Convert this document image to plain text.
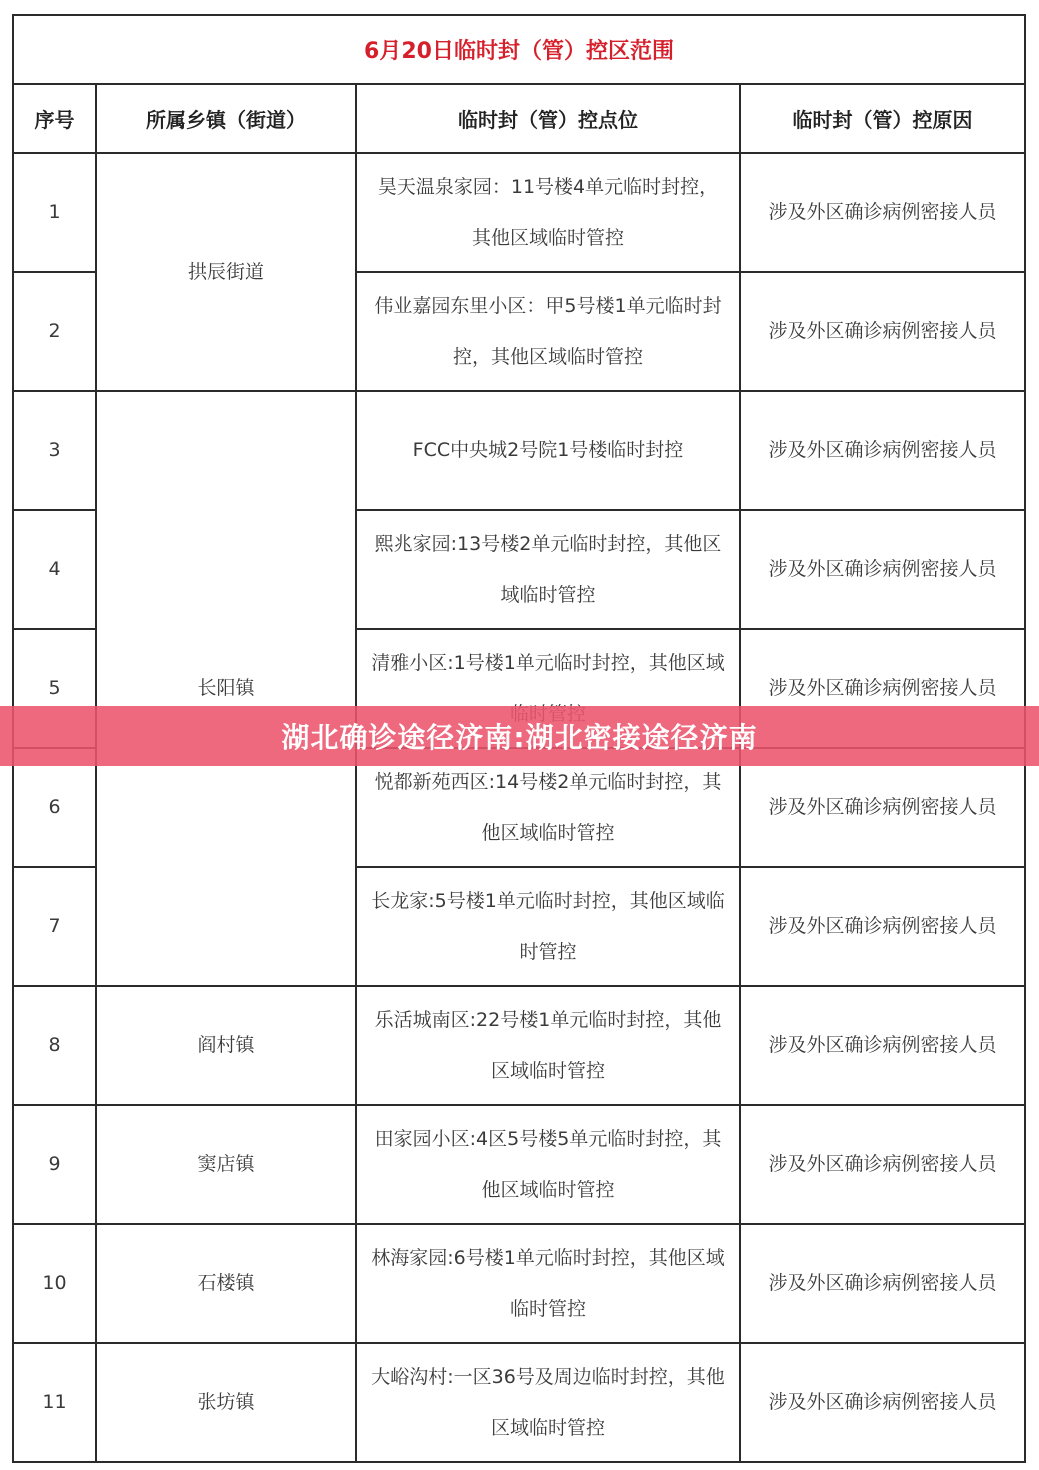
6月20日临时封（管）控区范围			
序号	所属乡镇（街道）	临时封（管）控点位	临时封（管）控原因
1	拱辰街道	昊天温泉家园：11号楼4单元临时封控，其他区域临时管控	涉及外区确诊病例密接人员
2		伟业嘉园东里小区：甲5号楼1单元临时封控，其他区域临时管控	涉及外区确诊病例密接人员
3	长阳镇	FCC中央城2号院1号楼临时封控	涉及外区确诊病例密接人员
4		熙兆家园:13号楼2单元临时封控，其他区域临时管控	涉及外区确诊病例密接人员
5		清雅小区:1号楼1单元临时封控，其他区域	涉及外区确诊病例密接人员
6		悦都新苑西区:14号楼2单元临时封控，其他区域临时管控	涉及外区确诊病例密接人员
7		长龙家:5号楼1单元临时封控，其他区域临时管控	涉及外区确诊病例密接人员
8	阎村镇	乐活城南区:22号楼1单元临时封控，其他区域临时管控	涉及外区确诊病例密接人员
9	窦店镇	田家园小区:4区5号楼5单元临时封控，其他区域临时管控	涉及外区确诊病例密接人员
10	石楼镇	林海家园:6号楼1单元临时封控，其他区域临时管控	涉及外区确诊病例密接人员
11	张坊镇	大峪沟村:一区36号及周边临时封控，其他区域临时管控	涉及外区确诊病例密接人员
湖北确诊途径济南:湖北密接途径济南
